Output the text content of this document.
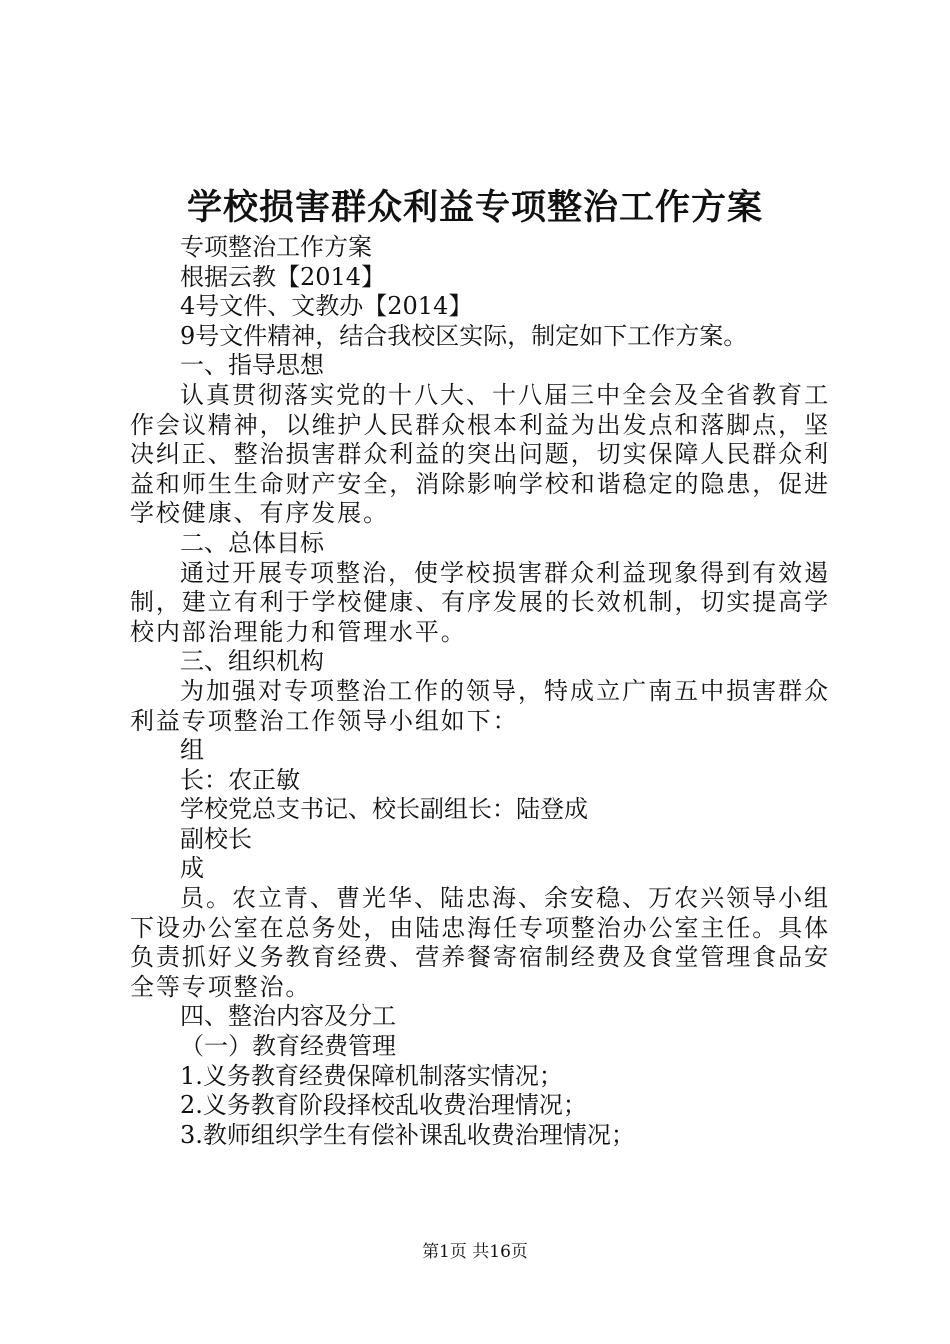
学校损害群众利益专项整治工作方案

专项整治工作方案

根据云教【2014】

4号文件、文教办【2014】

9号文件精神，结合我校区实际，制定如下工作方案。

一、指导思想

认真贯彻落实党的十八大、十八届三中全会及全省教育工作会议精神，以维护人民群众根本利益为出发点和落脚点，坚决纠正、整治损害群众利益的突出问题，切实保障人民群众利益和师生生命财产安全，消除影响学校和谐稳定的隐患，促进学校健康、有序发展。

二、总体目标

通过开展专项整治，使学校损害群众利益现象得到有效遏制，建立有利于学校健康、有序发展的长效机制，切实提高学校内部治理能力和管理水平。

三、组织机构

为加强对专项整治工作的领导，特成立广南五中损害群众利益专项整治工作领导小组如下：

组

长：农正敏

学校党总支书记、校长副组长：陆登成

副校长

成

员。农立青、曹光华、陆忠海、余安稳、万农兴领导小组下设办公室在总务处，由陆忠海任专项整治办公室主任。具体负责抓好义务教育经费、营养餐寄宿制经费及食堂管理食品安全等专项整治。

四、整治内容及分工

（一）教育经费管理

1.义务教育经费保障机制落实情况；

2.义务教育阶段择校乱收费治理情况；

3.教师组织学生有偿补课乱收费治理情况；

第1页 共16页
